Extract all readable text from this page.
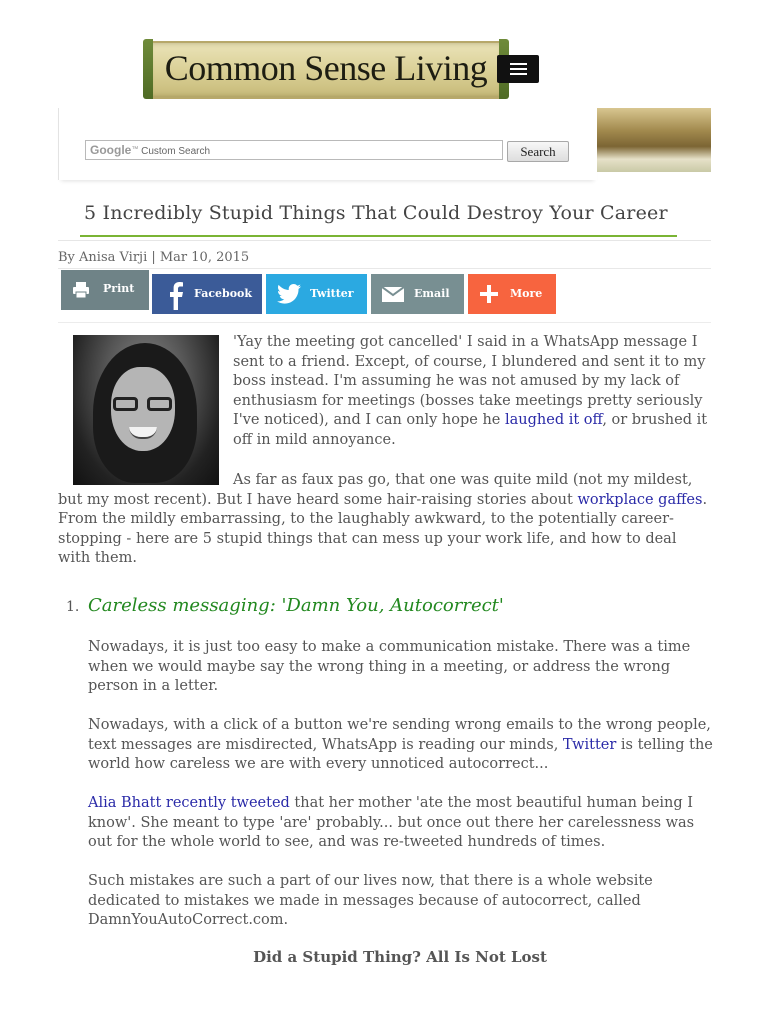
Common Sense Living
Google™ Custom Search	Search
5 Incredibly Stupid Things That Could Destroy Your Career
By Anisa Virji | Mar 10, 2015
Print	Facebook	Twitter	Email	More
'Yay the meeting got cancelled' I said in a WhatsApp message I sent to a friend. Except, of course, I blundered and sent it to my boss instead. I'm assuming he was not amused by my lack of enthusiasm for meetings (bosses take meetings pretty seriously I've noticed), and I can only hope he laughed it off, or brushed it off in mild annoyance.
As far as faux pas go, that one was quite mild (not my mildest, but my most recent). But I have heard some hair-raising stories about workplace gaffes. From the mildly embarrassing, to the laughably awkward, to the potentially career-stopping - here are 5 stupid things that can mess up your work life, and how to deal with them.
1. Careless messaging: 'Damn You, Autocorrect'
Nowadays, it is just too easy to make a communication mistake. There was a time when we would maybe say the wrong thing in a meeting, or address the wrong person in a letter.
Nowadays, with a click of a button we're sending wrong emails to the wrong people, text messages are misdirected, WhatsApp is reading our minds, Twitter is telling the world how careless we are with every unnoticed autocorrect...
Alia Bhatt recently tweeted that her mother 'ate the most beautiful human being I know'. She meant to type 'are' probably... but once out there her carelessness was out for the whole world to see, and was re-tweeted hundreds of times.
Such mistakes are such a part of our lives now, that there is a whole website dedicated to mistakes we made in messages because of autocorrect, called DamnYouAutoCorrect.com.
Did a Stupid Thing? All Is Not Lost
